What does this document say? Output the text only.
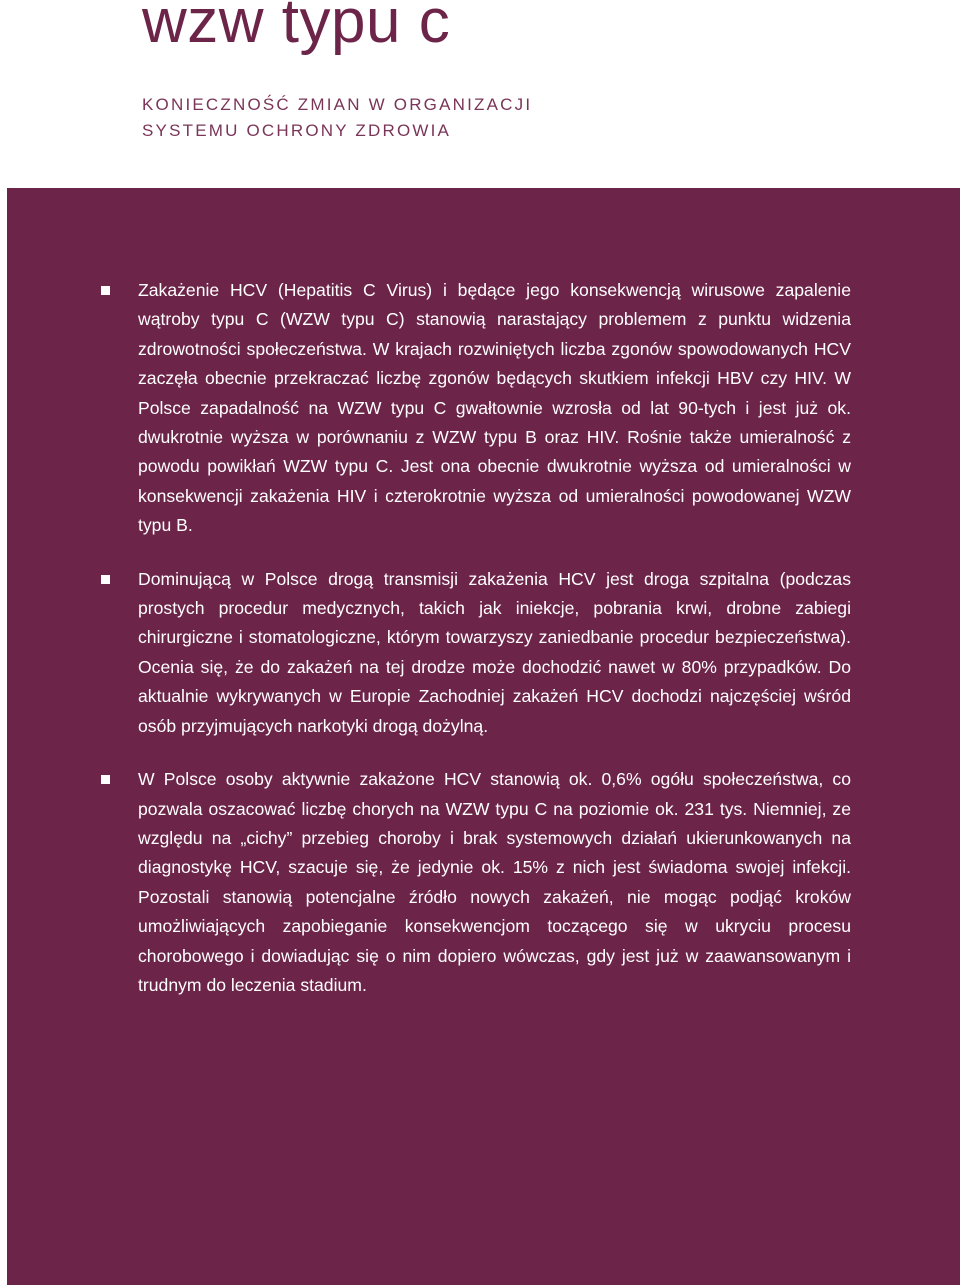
wzw typu c
KONIECZNOŚĆ ZMIAN W ORGANIZACJI
SYSTEMU OCHRONY ZDROWIA
Zakażenie HCV (Hepatitis C Virus) i będące jego konsekwencją wirusowe zapalenie wątroby typu C (WZW typu C) stanowią narastający problemem z punktu widzenia zdrowotności społeczeństwa. W krajach rozwiniętych liczba zgonów spowodowanych HCV zaczęła obecnie przekraczać liczbę zgonów będących skutkiem infekcji HBV czy HIV. W Polsce zapadalność na WZW typu C gwałtownie wzrosła od lat 90-tych i jest już ok. dwukrotnie wyższa w porównaniu z WZW typu B oraz HIV. Rośnie także umieralność z powodu powikłań WZW typu C. Jest ona obecnie dwukrotnie wyższa od umieralności w konsekwencji zakażenia HIV i czterokrotnie wyższa od umieralności powodowanej WZW typu B.
Dominującą w Polsce drogą transmisji zakażenia HCV jest droga szpitalna (podczas prostych procedur medycznych, takich jak iniekcje, pobrania krwi, drobne zabiegi chirurgiczne i stomatologiczne, którym towarzyszy zaniedbanie procedur bezpieczeństwa). Ocenia się, że do zakażeń na tej drodze może dochodzić nawet w 80% przypadków. Do aktualnie wykrywanych w Europie Zachodniej zakażeń HCV dochodzi najczęściej wśród osób przyjmujących narkotyki drogą dożylną.
W Polsce osoby aktywnie zakażone HCV stanowią ok. 0,6% ogółu społeczeństwa, co pozwala oszacować liczbę chorych na WZW typu C na poziomie ok. 231 tys. Niemniej, ze względu na „cichy” przebieg choroby i brak systemowych działań ukierunkowanych na diagnostykę HCV, szacuje się, że jedynie ok. 15% z nich jest świadoma swojej infekcji. Pozostali stanowią potencjalne źródło nowych zakażeń, nie mogąc podjąć kroków umożliwiających zapobieganie konsekwencjom toczącego się w ukryciu procesu chorobowego i dowiadując się o nim dopiero wówczas, gdy jest już w zaawansowanym i trudnym do leczenia stadium.
